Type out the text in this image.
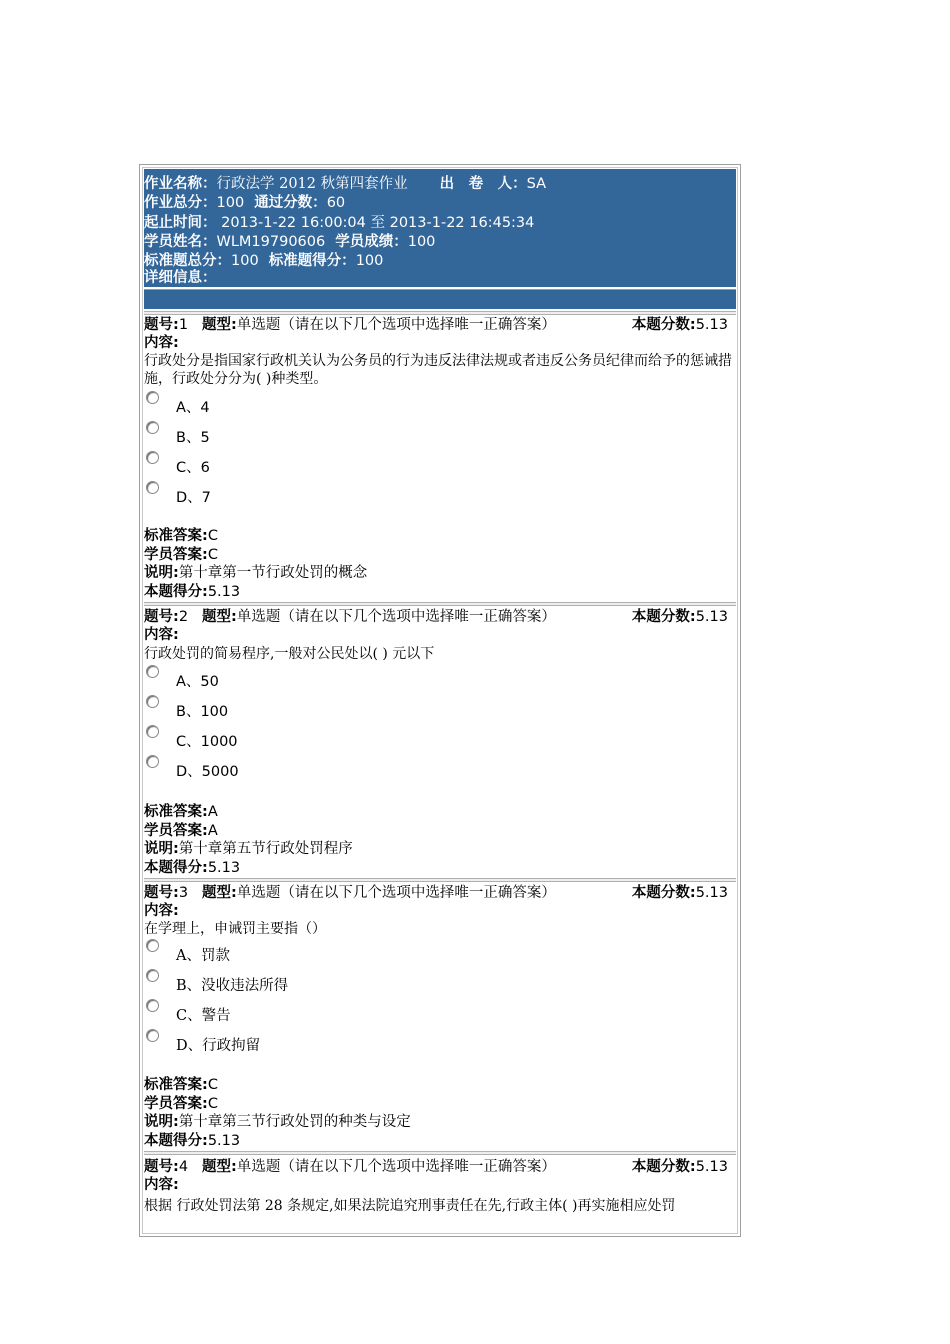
作业名称：行政法学 2012 秋第四套作业 出　卷　人：SA
作业总分：100 通过分数：60
起止时间： 2013-1-22 16:00:04 至 2013-1-22 16:45:34
学员姓名：WLM19790606 学员成绩：100
标准题总分：100 标准题得分：100
详细信息：
题号:1 题型:单选题（请在以下几个选项中选择唯一正确答案）	本题分数:5.13
内容:
行政处分是指国家行政机关认为公务员的行为违反法律法规或者违反公务员纪律而给予的惩诫措施，行政处分分为( )种类型。
A、4
B、5
C、6
D、7
标准答案:C
学员答案:C
说明:第十章第一节行政处罚的概念
本题得分:5.13
题号:2 题型:单选题（请在以下几个选项中选择唯一正确答案）	本题分数:5.13
内容:
行政处罚的简易程序,一般对公民处以( ) 元以下
A、50
B、100
C、1000
D、5000
标准答案:A
学员答案:A
说明:第十章第五节行政处罚程序
本题得分:5.13
题号:3 题型:单选题（请在以下几个选项中选择唯一正确答案）	本题分数:5.13
内容:
在学理上，申诫罚主要指（）
A、罚款
B、没收违法所得
C、警告
D、行政拘留
标准答案:C
学员答案:C
说明:第十章第三节行政处罚的种类与设定
本题得分:5.13
题号:4 题型:单选题（请在以下几个选项中选择唯一正确答案）	本题分数:5.13
内容:
根据 行政处罚法第 28 条规定,如果法院追究刑事责任在先,行政主体( )再实施相应处罚
